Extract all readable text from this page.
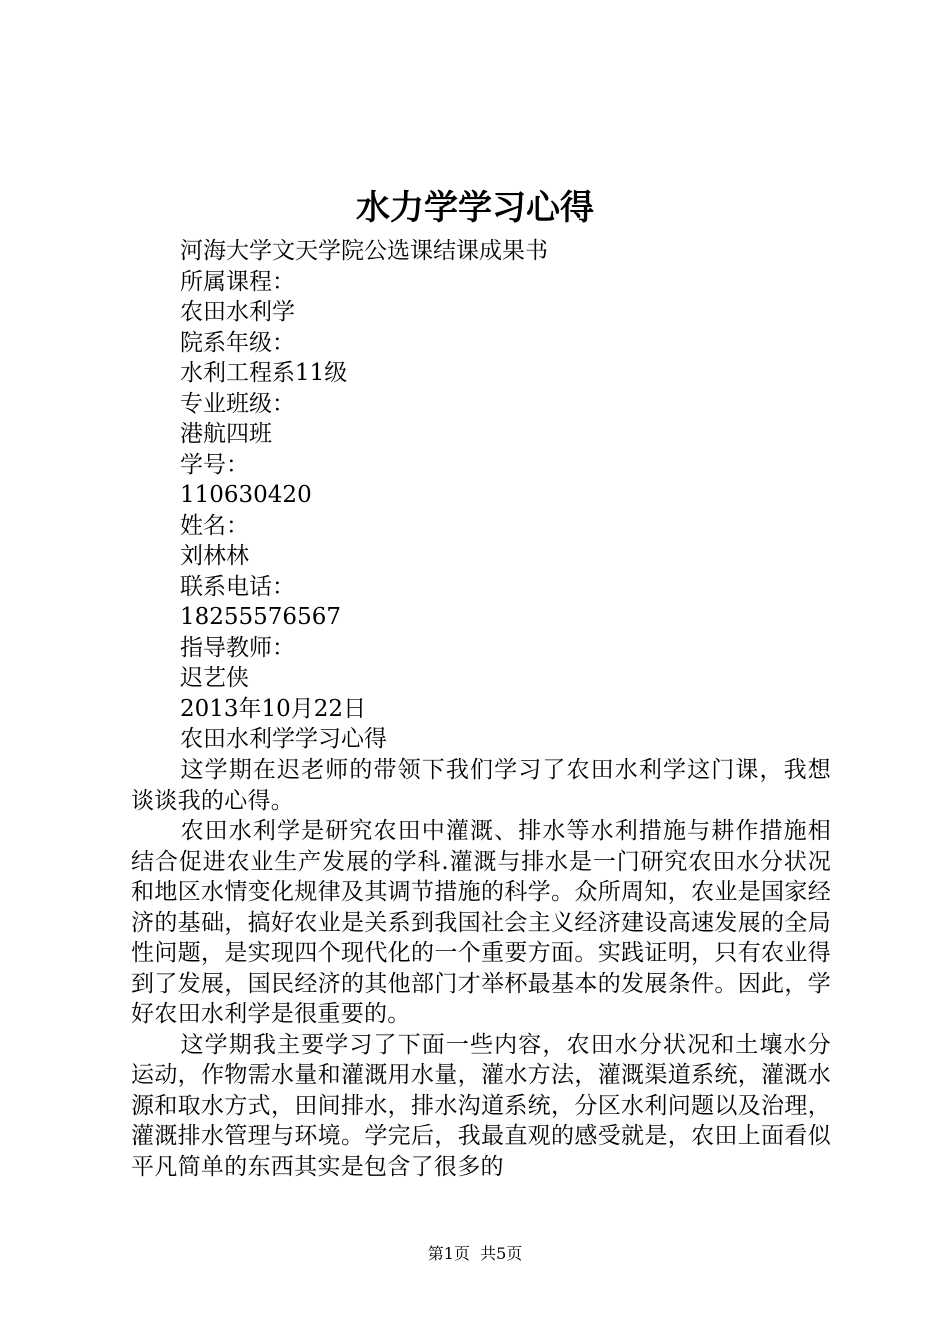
水力学学习心得
河海大学文天学院公选课结课成果书
所属课程：
农田水利学
院系年级：
水利工程系11级
专业班级：
港航四班
学号：
110630420
姓名：
刘林林
联系电话：
18255576567
指导教师：
迟艺侠
2013年10月22日
农田水利学学习心得

这学期在迟老师的带领下我们学习了农田水利学这门课，我想谈谈我的心得。

农田水利学是研究农田中灌溉、排水等水利措施与耕作措施相结合促进农业生产发展的学科.灌溉与排水是一门研究农田水分状况和地区水情变化规律及其调节措施的科学。众所周知，农业是国家经济的基础，搞好农业是关系到我国社会主义经济建设高速发展的全局性问题，是实现四个现代化的一个重要方面。实践证明，只有农业得到了发展，国民经济的其他部门才举杯最基本的发展条件。因此，学好农田水利学是很重要的。

这学期我主要学习了下面一些内容，农田水分状况和土壤水分运动，作物需水量和灌溉用水量，灌水方法，灌溉渠道系统，灌溉水源和取水方式，田间排水，排水沟道系统，分区水利问题以及治理，灌溉排水管理与环境。学完后，我最直观的感受就是，农田上面看似平凡简单的东西其实是包含了很多的

第1页  共5页
